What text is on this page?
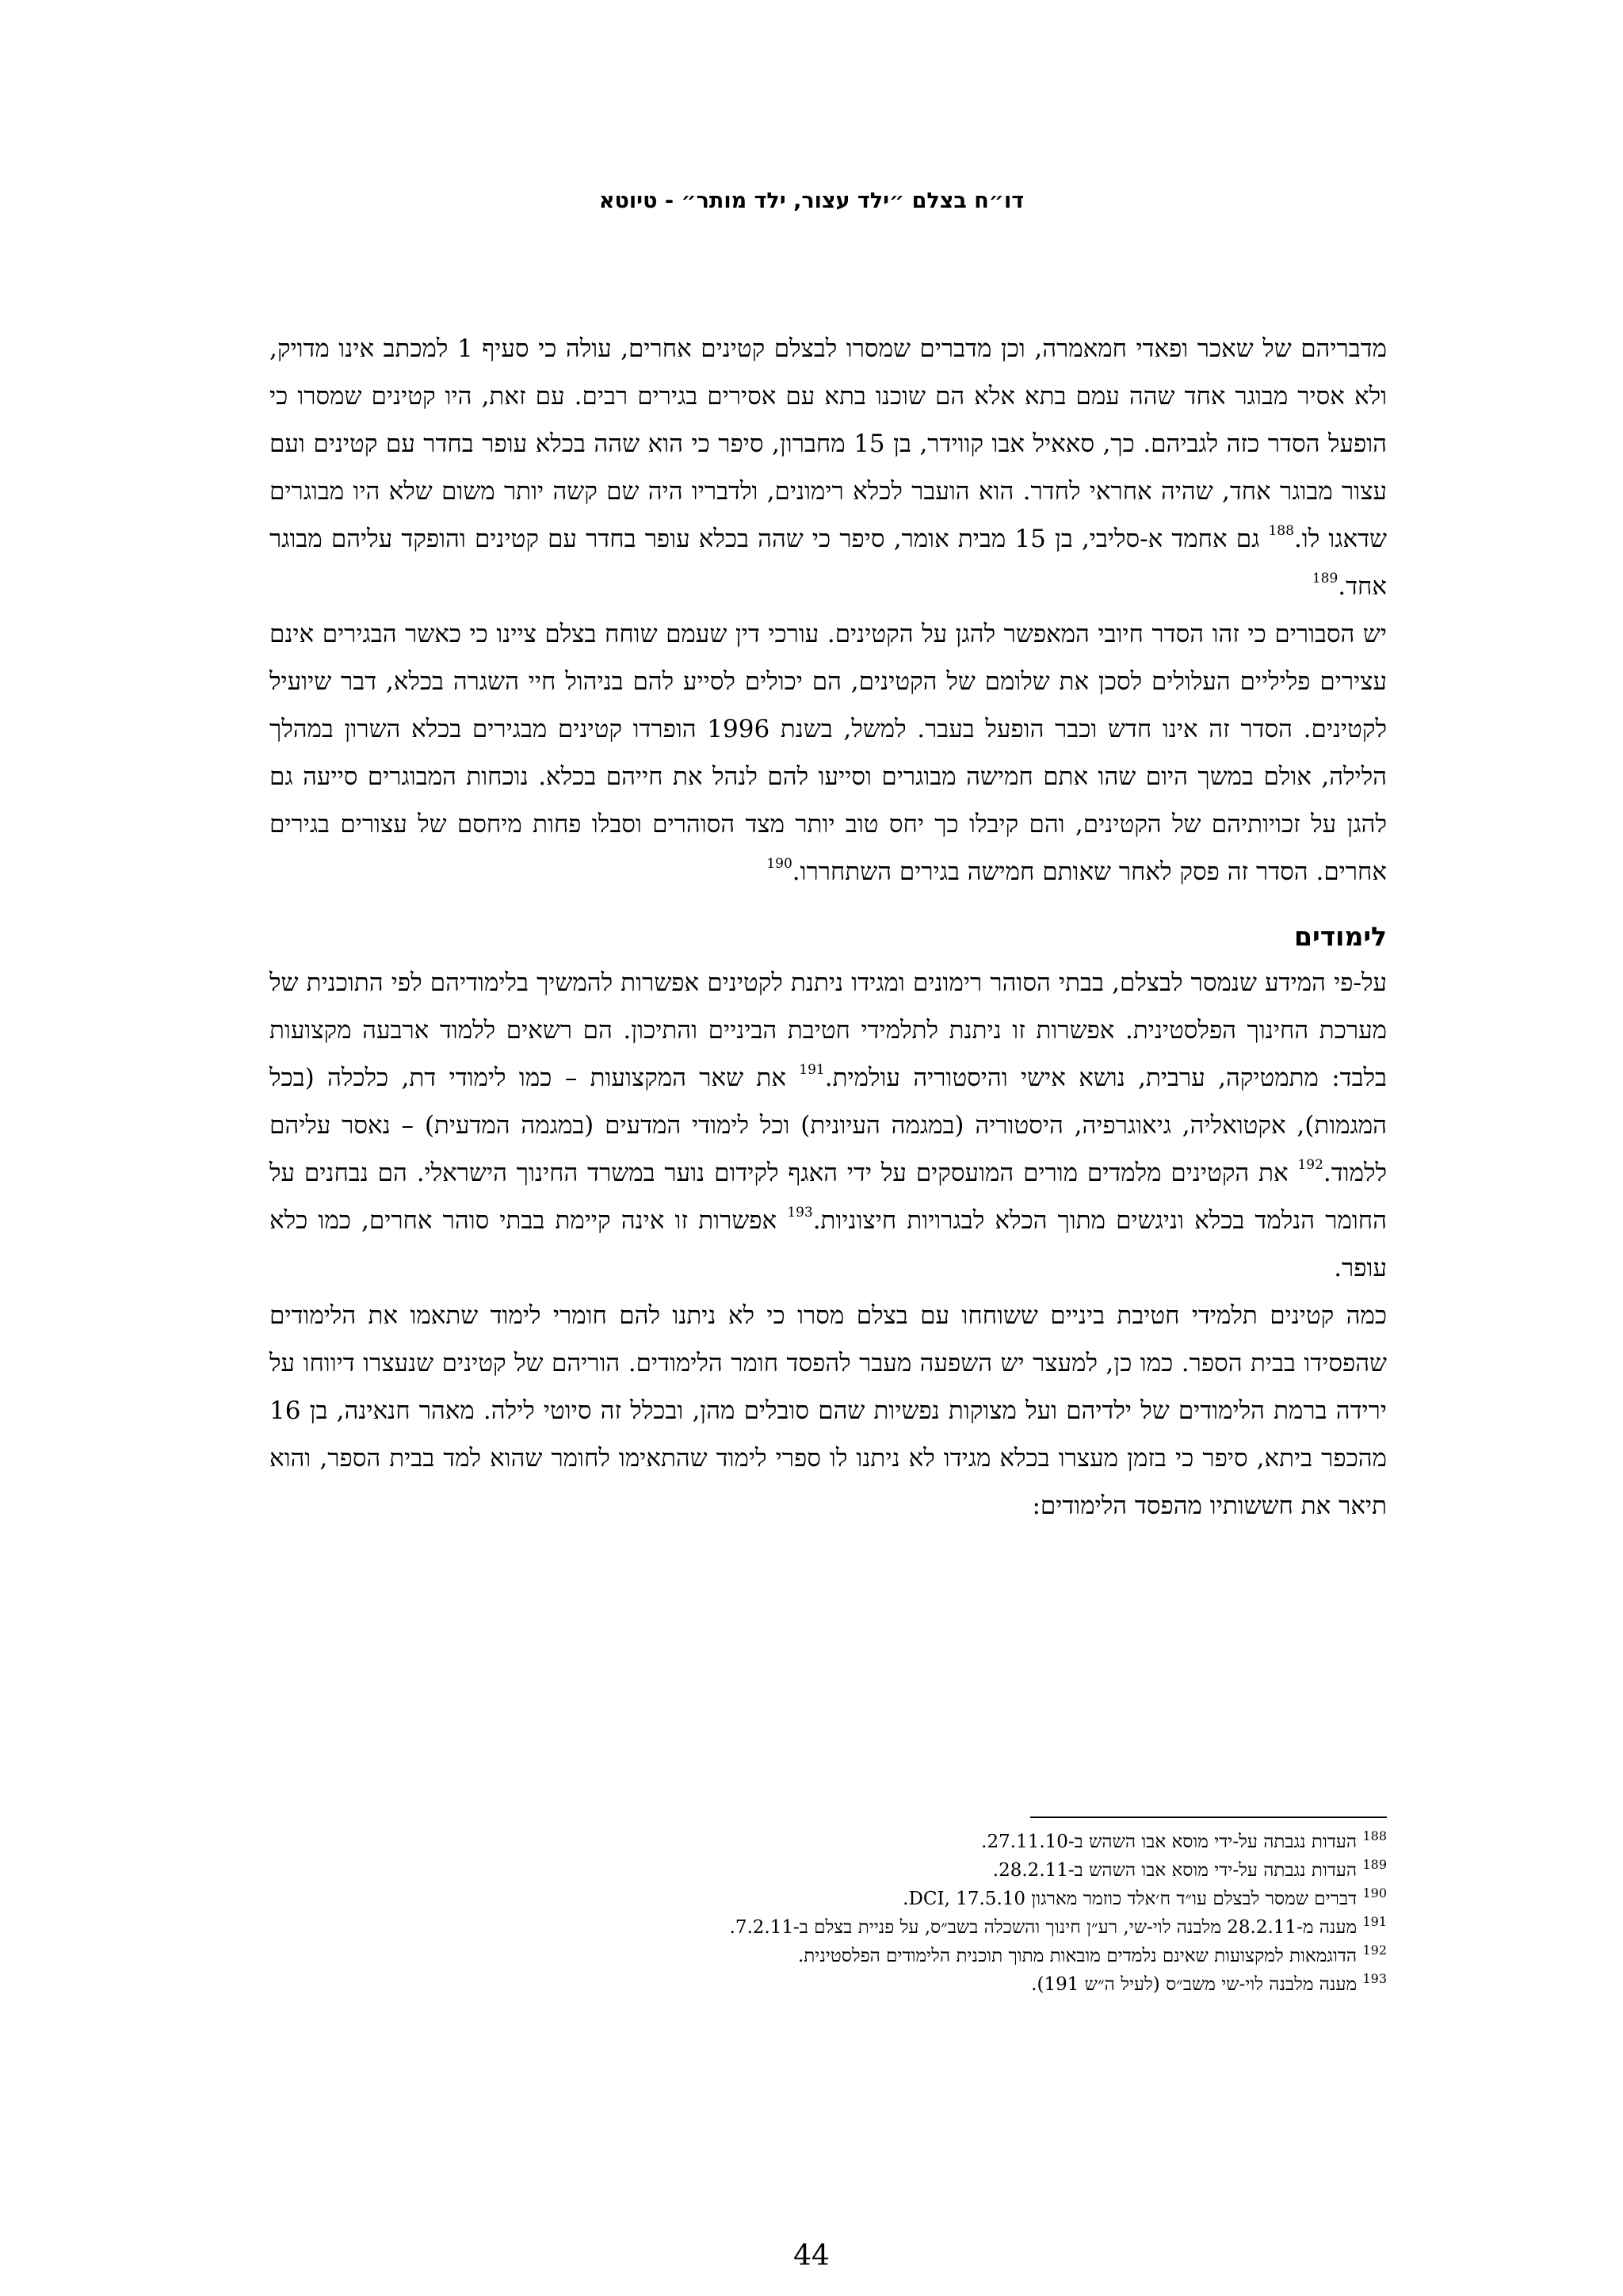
דו״ח בצלם ״ילד עצור, ילד מותר״ - טיוטא

מדבריהם של שאכר ופאדי חמאמרה, וכן מדברים שמסרו לבצלם קטינים אחרים, עולה כי סעיף 1 למכתב אינו מדויק, ולא אסיר מבוגר אחד שהה עמם בתא אלא הם שוכנו בתא עם אסירים בגירים רבים. עם זאת, היו קטינים שמסרו כי הופעל הסדר כזה לגביהם. כך, סאאיל אבו קווידר, בן 15 מחברון, סיפר כי הוא שהה בכלא עופר בחדר עם קטינים ועם עצור מבוגר אחד, שהיה אחראי לחדר. הוא הועבר לכלא רימונים, ולדבריו היה שם קשה יותר משום שלא היו מבוגרים שדאגו לו.$^{188}$ גם אחמד א-סליבי, בן 15 מבית אומר, סיפר כי שהה בכלא עופר בחדר עם קטינים והופקד עליהם מבוגר אחד.$^{189}$

יש הסבורים כי זהו הסדר חיובי המאפשר להגן על הקטינים. עורכי דין שעמם שוחח בצלם ציינו כי כאשר הבגירים אינם עצירים פליליים העלולים לסכן את שלומם של הקטינים, הם יכולים לסייע להם בניהול חיי השגרה בכלא, דבר שיועיל לקטינים. הסדר זה אינו חדש וכבר הופעל בעבר. למשל, בשנת 1996 הופרדו קטינים מבגירים בכלא השרון במהלך הלילה, אולם במשך היום שהו אתם חמישה מבוגרים וסייעו להם לנהל את חייהם בכלא. נוכחות המבוגרים סייעה גם להגן על זכויותיהם של הקטינים, והם קיבלו כך יחס טוב יותר מצד הסוהרים וסבלו פחות מיחסם של עצורים בגירים אחרים. הסדר זה פסק לאחר שאותם חמישה בגירים השתחררו.$^{190}$

לימודים

על-פי המידע שנמסר לבצלם, בבתי הסוהר רימונים ומגידו ניתנת לקטינים אפשרות להמשיך בלימודיהם לפי התוכנית של מערכת החינוך הפלסטינית. אפשרות זו ניתנת לתלמידי חטיבת הביניים והתיכון. הם רשאים ללמוד ארבעה מקצועות בלבד: מתמטיקה, ערבית, נושא אישי והיסטוריה עולמית.$^{191}$ את שאר המקצועות – כמו לימודי דת, כלכלה (בכל המגמות), אקטואליה, גיאוגרפיה, היסטוריה (במגמה העיונית) וכל לימודי המדעים (במגמה המדעית) – נאסר עליהם ללמוד.$^{192}$ את הקטינים מלמדים מורים המועסקים על ידי האגף לקידום נוער במשרד החינוך הישראלי. הם נבחנים על החומר הנלמד בכלא וניגשים מתוך הכלא לבגרויות חיצוניות.$^{193}$ אפשרות זו אינה קיימת בבתי סוהר אחרים, כמו כלא עופר.

כמה קטינים תלמידי חטיבת ביניים ששוחחו עם בצלם מסרו כי לא ניתנו להם חומרי לימוד שתאמו את הלימודים שהפסידו בבית הספר. כמו כן, למעצר יש השפעה מעבר להפסד חומר הלימודים. הוריהם של קטינים שנעצרו דיווחו על ירידה ברמת הלימודים של ילדיהם ועל מצוקות נפשיות שהם סובלים מהן, ובכלל זה סיוטי לילה. מאהר חנאינה, בן 16 מהכפר ביתא, סיפר כי בזמן מעצרו בכלא מגידו לא ניתנו לו ספרי לימוד שהתאימו לחומר שהוא למד בבית הספר, והוא תיאר את חששותיו מהפסד הלימודים:

$^{188}$ העדות נגבתה על-ידי מוסא אבו השהש ב-27.11.10.

$^{189}$ העדות נגבתה על-ידי מוסא אבו השהש ב-28.2.11.

$^{190}$ דברים שמסר לבצלם עו״ד ח׳אלד כוזמר מארגון DCI, 17.5.10.

$^{191}$ מענה מ-28.2.11 מלבנה לוי-שי, רע״ן חינוך והשכלה בשב״ס, על פניית בצלם ב-7.2.11.

$^{192}$ הדוגמאות למקצועות שאינם נלמדים מובאות מתוך תוכנית הלימודים הפלסטינית.

$^{193}$ מענה מלבנה לוי-שי משב״ס (לעיל ה״ש 191).

44
